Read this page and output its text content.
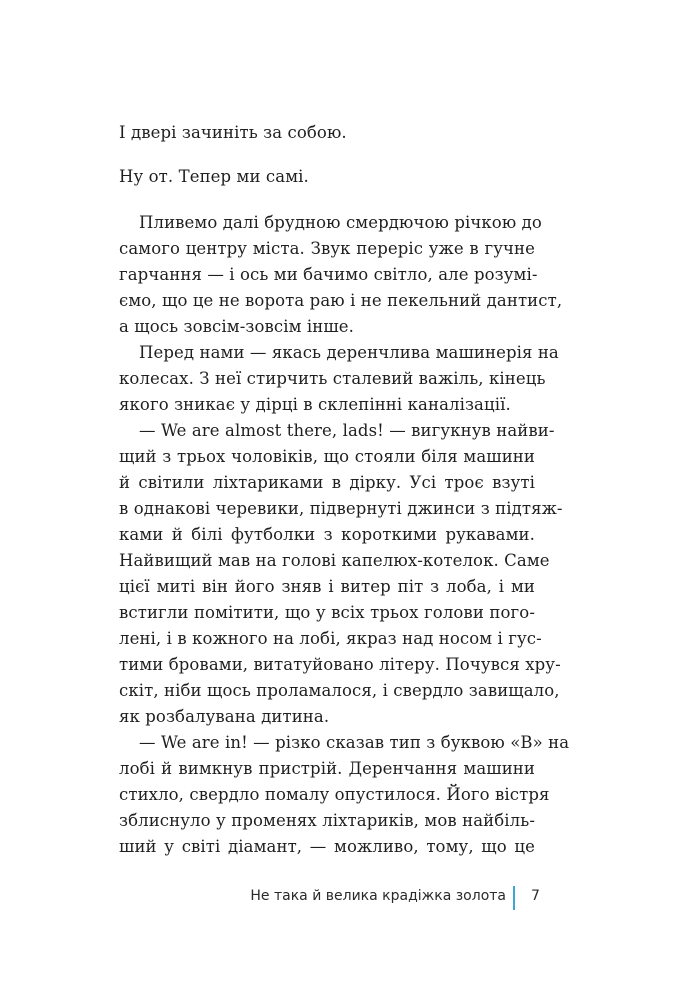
І двері зачиніть за собою.
Ну от. Тепер ми самі.
Пливемо далі брудною смердючою річкою до
самого центру міста. Звук переріс уже в гучне
гарчання — і ось ми бачимо світло, але розумі-
ємо, що це не ворота раю і не пекельний дантист,
а щось зовсім-зовсім інше.
Перед нами — якась деренчлива машинерія на
колесах. З неї стирчить сталевий важіль, кінець
якого зникає у дірці в склепінні каналізації.
— We are almost there, lads! — вигукнув найви-
щий з трьох чоловіків, що стояли біля машини
й світили ліхтариками в дірку. Усі троє взуті
в однакові черевики, підвернуті джинси з підтяж-
ками й білі футболки з короткими рукавами.
Найвищий мав на голові капелюх-котелок. Саме
цієї миті він його зняв і витер піт з лоба, і ми
встигли помітити, що у всіх трьох голови пого-
лені, і в кожного на лобі, якраз над носом і гус-
тими бровами, витатуйовано літеру. Почувся хру-
скіт, ніби щось проламалося, і свердло завищало,
як розбалувана дитина.
— We are in! — різко сказав тип з буквою «В» на
лобі й вимкнув пристрій. Деренчання машини
стихло, свердло помалу опустилося. Його вістря
зблиснуло у променях ліхтариків, мов найбіль-
ший у світі діамант, — можливо, тому, що це
Не така й велика крадіжка золота 7
